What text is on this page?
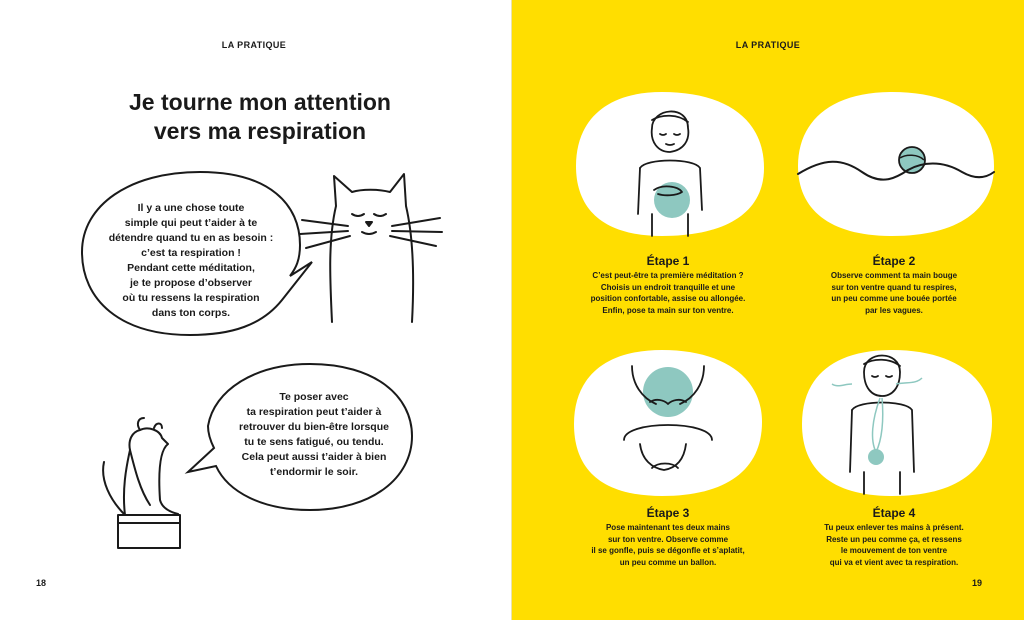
LA PRATIQUE
Je tourne mon attention
vers ma respiration
Il y a une chose toute
simple qui peut t’aider à te
détendre quand tu en as besoin :
c’est ta respiration !
Pendant cette méditation,
je te propose d’observer
où tu ressens la respiration
dans ton corps.
Te poser avec
ta respiration peut t’aider à
retrouver du bien-être lorsque
tu te sens fatigué, ou tendu.
Cela peut aussi t’aider à bien
t’endormir le soir.
18
LA PRATIQUE
Étape 1
C’est peut-être ta première méditation ?
Choisis un endroit tranquille et une
position confortable, assise ou allongée.
Enfin, pose ta main sur ton ventre.
Étape 2
Observe comment ta main bouge
sur ton ventre quand tu respires,
un peu comme une bouée portée
par les vagues.
Étape 3
Pose maintenant tes deux mains
sur ton ventre. Observe comme
il se gonfle, puis se dégonfle et s’aplatit,
un peu comme un ballon.
Étape 4
Tu peux enlever tes mains à présent.
Reste un peu comme ça, et ressens
le mouvement de ton ventre
qui va et vient avec ta respiration.
19
